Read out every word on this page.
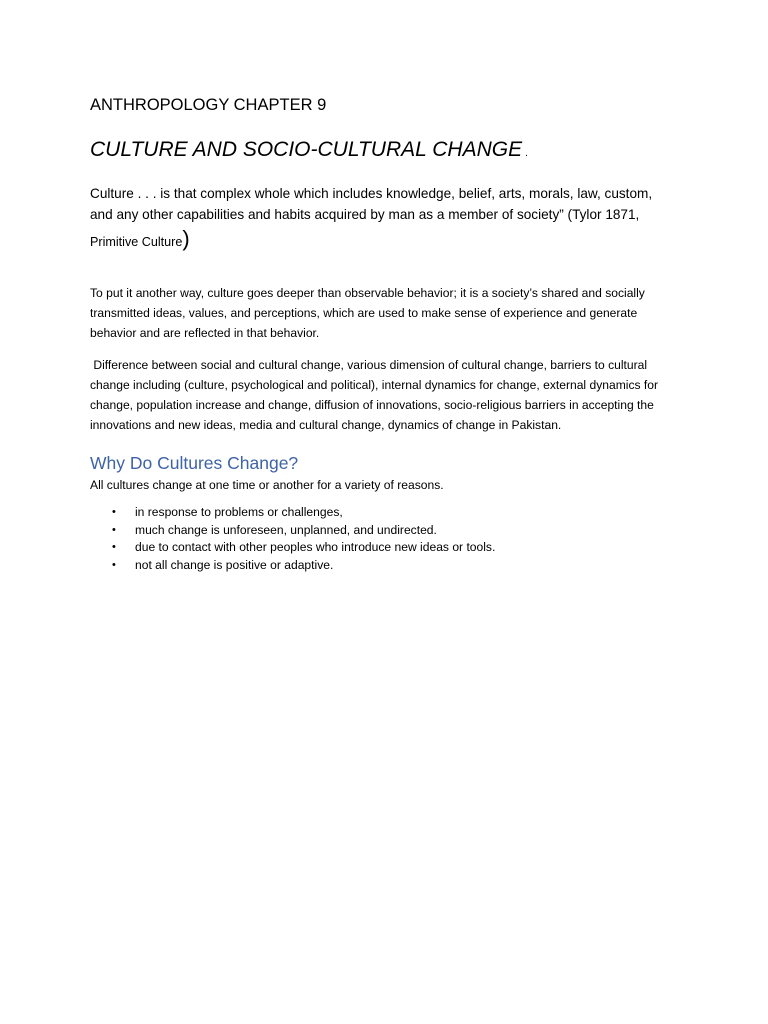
ANTHROPOLOGY CHAPTER 9
CULTURE AND SOCIO-CULTURAL CHANGE .
Culture . . . is that complex whole which includes knowledge, belief, arts, morals, law, custom,
and any other capabilities and habits acquired by man as a member of society” (Tylor 1871,
Primitive Culture)

To put it another way, culture goes deeper than observable behavior; it is a society’s shared and socially transmitted ideas, values, and perceptions, which are used to make sense of experience and generate behavior and are reflected in that behavior.

Difference between social and cultural change, various dimension of cultural change, barriers to cultural change including (culture, psychological and political), internal dynamics for change, external dynamics for change, population increase and change, diffusion of innovations, socio-religious barriers in accepting the innovations and new ideas, media and cultural change, dynamics of change in Pakistan.

Why Do Cultures Change?
All cultures change at one time or another for a variety of reasons.
• in response to problems or challenges,
• much change is unforeseen, unplanned, and undirected.
• due to contact with other peoples who introduce new ideas or tools.
• not all change is positive or adaptive.
